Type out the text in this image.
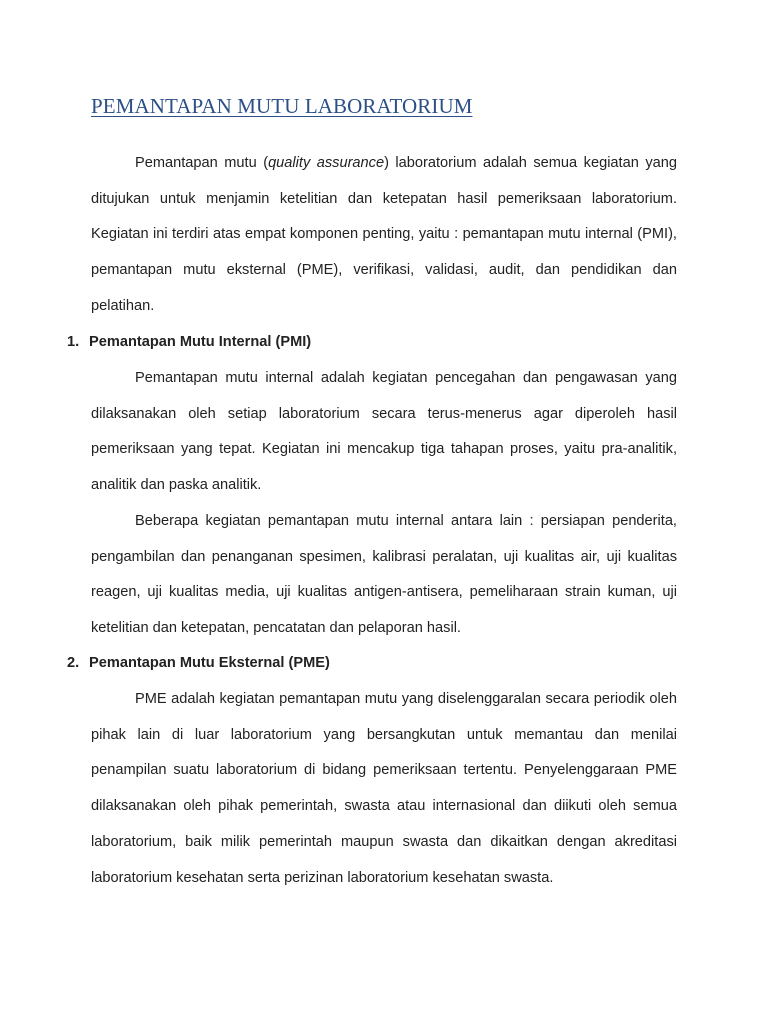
PEMANTAPAN MUTU LABORATORIUM

Pemantapan mutu (quality assurance) laboratorium adalah semua kegiatan yang ditujukan untuk menjamin ketelitian dan ketepatan hasil pemeriksaan laboratorium. Kegiatan ini terdiri atas empat komponen penting, yaitu : pemantapan mutu internal (PMI), pemantapan mutu eksternal (PME), verifikasi, validasi, audit, dan pendidikan dan pelatihan.

1. Pemantapan Mutu Internal (PMI)

Pemantapan mutu internal adalah kegiatan pencegahan dan pengawasan yang dilaksanakan oleh setiap laboratorium secara terus-menerus agar diperoleh hasil pemeriksaan yang tepat. Kegiatan ini mencakup tiga tahapan proses, yaitu pra-analitik, analitik dan paska analitik.

Beberapa kegiatan pemantapan mutu internal antara lain : persiapan penderita, pengambilan dan penanganan spesimen, kalibrasi peralatan, uji kualitas air, uji kualitas reagen, uji kualitas media, uji kualitas antigen-antisera, pemeliharaan strain kuman, uji ketelitian dan ketepatan, pencatatan dan pelaporan hasil.

2. Pemantapan Mutu Eksternal (PME)

PME adalah kegiatan pemantapan mutu yang diselenggaralan secara periodik oleh pihak lain di luar laboratorium yang bersangkutan untuk memantau dan menilai penampilan suatu laboratorium di bidang pemeriksaan tertentu. Penyelenggaraan PME dilaksanakan oleh pihak pemerintah, swasta atau internasional dan diikuti oleh semua laboratorium, baik milik pemerintah maupun swasta dan dikaitkan dengan akreditasi laboratorium kesehatan serta perizinan laboratorium kesehatan swasta.
